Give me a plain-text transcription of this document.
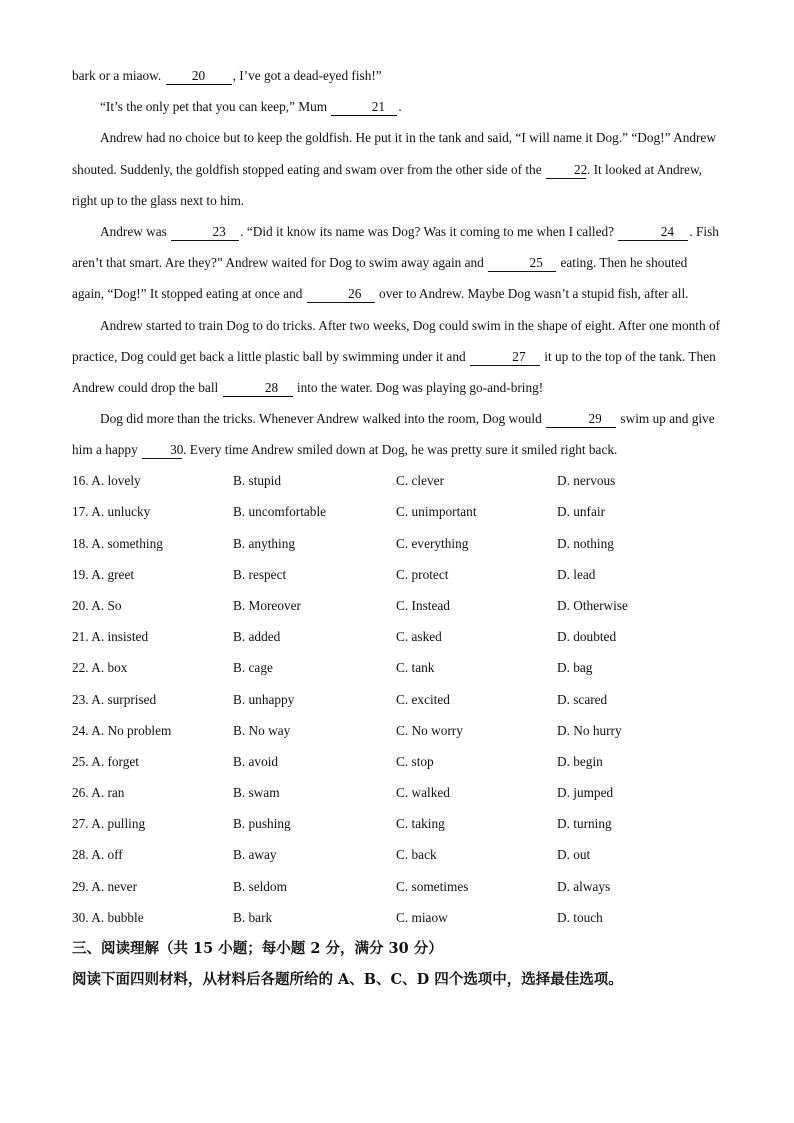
bark or a miaow. 20 , I’ve got a dead-eyed fish!”

“It’s the only pet that you can keep,” Mum	21 .

Andrew had no choice but to keep the goldfish. He put it in the tank and said, “I will name it Dog.” “Dog!” Andrew shouted. Suddenly, the goldfish stopped eating and swam over from the other side of the 22. It looked at Andrew, right up to the glass next to him.

Andrew was	23 . “Did it know its name was Dog? Was it coming to me when I called?	24 . Fish aren’t that smart. Are they?” Andrew waited for Dog to swim away again and	25 eating. Then he shouted again, “Dog!” It stopped eating at once and	26 over to Andrew. Maybe Dog wasn’t a stupid fish, after all.

Andrew started to train Dog to do tricks. After two weeks, Dog could swim in the shape of eight. After one month of practice, Dog could get back a little plastic ball by swimming under it and	27 it up to the top of the tank. Then Andrew could drop the ball	28 into the water. Dog was playing go-and-bring!

Dog did more than the tricks. Whenever Andrew walked into the room, Dog would	29 swim up and give him a happy 30. Every time Andrew smiled down at Dog, he was pretty sure it smiled right back.

16. A. lovely	B. stupid	C. clever	D. nervous
17. A. unlucky	B. uncomfortable	C. unimportant	D. unfair
18. A. something	B. anything	C. everything	D. nothing
19. A. greet	B. respect	C. protect	D. lead
20. A. So	B. Moreover	C. Instead	D. Otherwise
21. A. insisted	B. added	C. asked	D. doubted
22. A. box	B. cage	C. tank	D. bag
23. A. surprised	B. unhappy	C. excited	D. scared
24. A. No problem	B. No way	C. No worry	D. No hurry
25. A. forget	B. avoid	C. stop	D. begin
26. A. ran	B. swam	C. walked	D. jumped
27. A. pulling	B. pushing	C. taking	D. turning
28. A. off	B. away	C. back	D. out
29. A. never	B. seldom	C. sometimes	D. always
30. A. bubble	B. bark	C. miaow	D. touch

三、阅读理解（共 15 小题；每小题 2 分，满分 30 分）

阅读下面四则材料，从材料后各题所给的 A、B、C、D 四个选项中，选择最佳选项。
